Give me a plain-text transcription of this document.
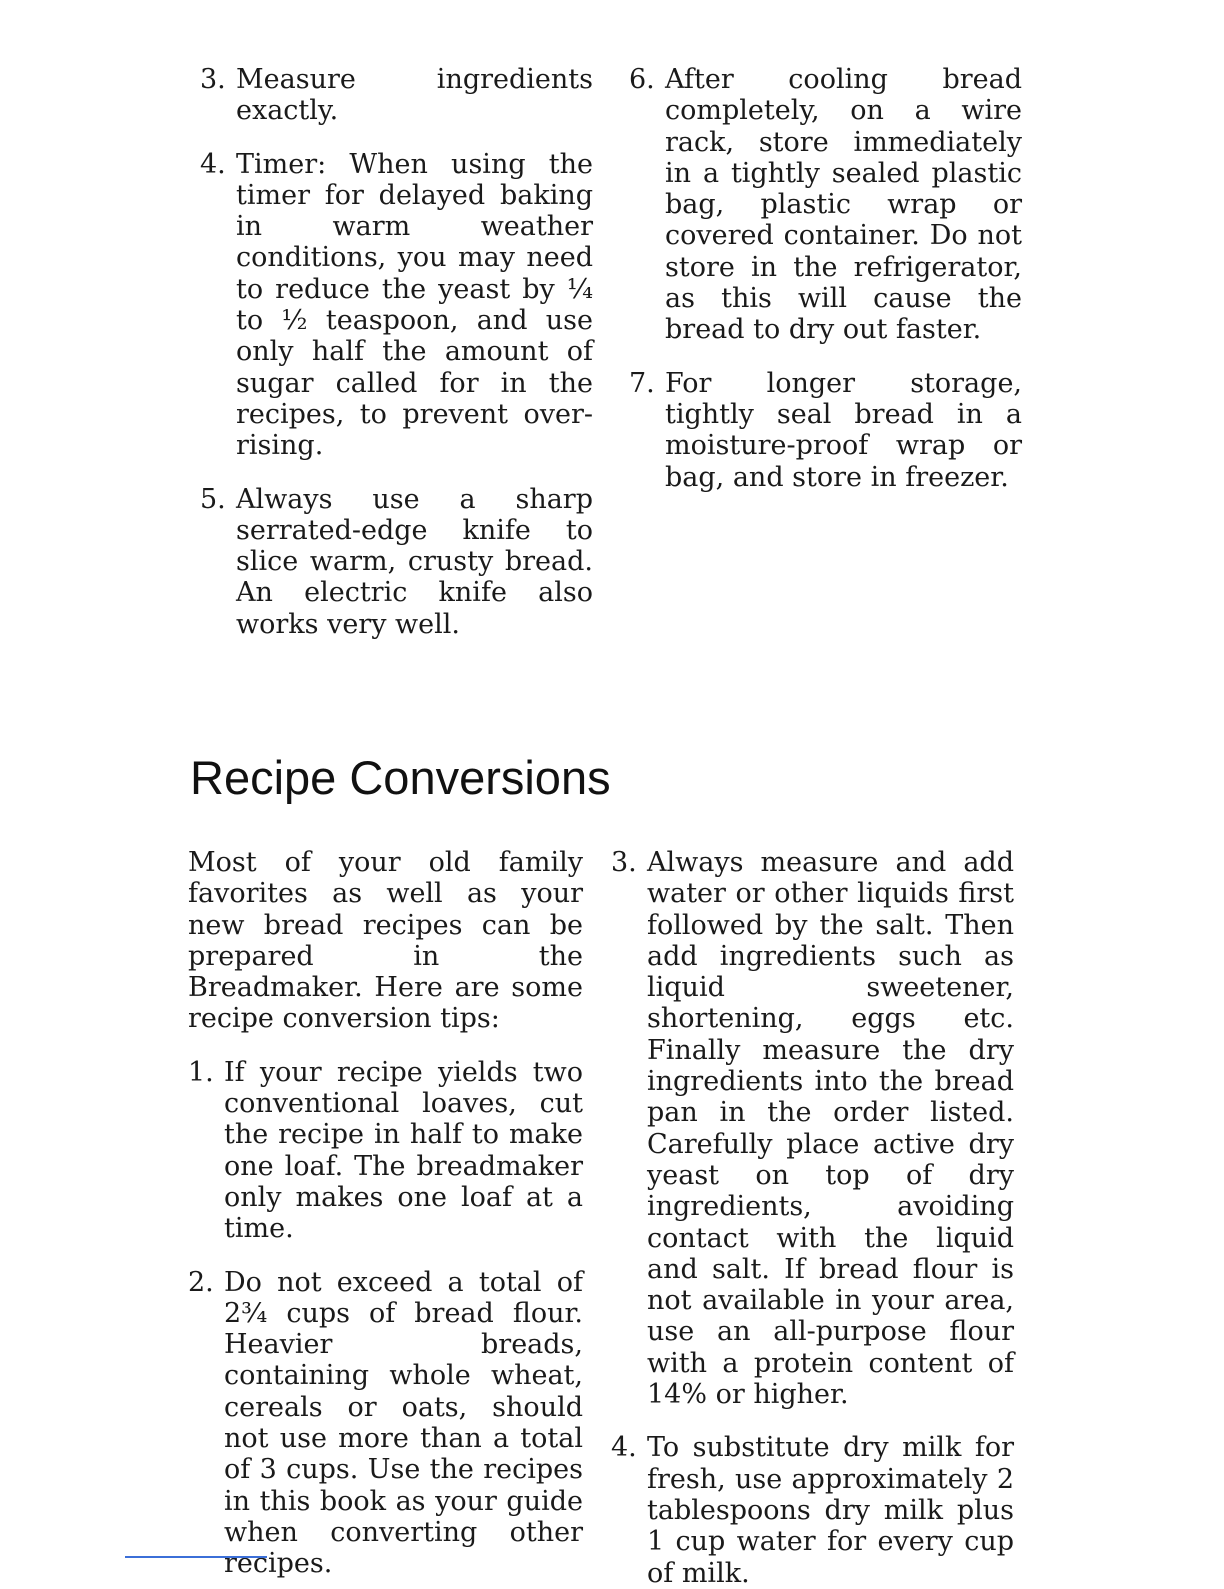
3. Measure ingredients exactly.
4. Timer: When using the timer for delayed baking in warm weather conditions, you may need to reduce the yeast by ¼ to ½ teaspoon, and use only half the amount of sugar called for in the recipes, to prevent over-rising.
5. Always use a sharp serrated-edge knife to slice warm, crusty bread. An electric knife also works very well.
6. After cooling bread completely, on a wire rack, store immediately in a tightly sealed plastic bag, plastic wrap or covered container. Do not store in the refrigerator, as this will cause the bread to dry out faster.
7. For longer storage, tightly seal bread in a moisture-proof wrap or bag, and store in freezer.
Recipe Conversions
Most of your old family favorites as well as your new bread recipes can be prepared in the Breadmaker. Here are some recipe conversion tips:
1. If your recipe yields two conventional loaves, cut the recipe in half to make one loaf. The breadmaker only makes one loaf at a time.
2. Do not exceed a total of 2¾ cups of bread flour. Heavier breads, containing whole wheat, cereals or oats, should not use more than a total of 3 cups. Use the recipes in this book as your guide when converting other recipes.
3. Always measure and add water or other liquids first followed by the salt. Then add ingredients such as liquid sweetener, shortening, eggs etc. Finally measure the dry ingredients into the bread pan in the order listed. Carefully place active dry yeast on top of dry ingredients, avoiding contact with the liquid and salt. If bread flour is not available in your area, use an all-purpose flour with a protein content of 14% or higher.
4. To substitute dry milk for fresh, use approximately 2 tablespoons dry milk plus 1 cup water for every cup of milk.
